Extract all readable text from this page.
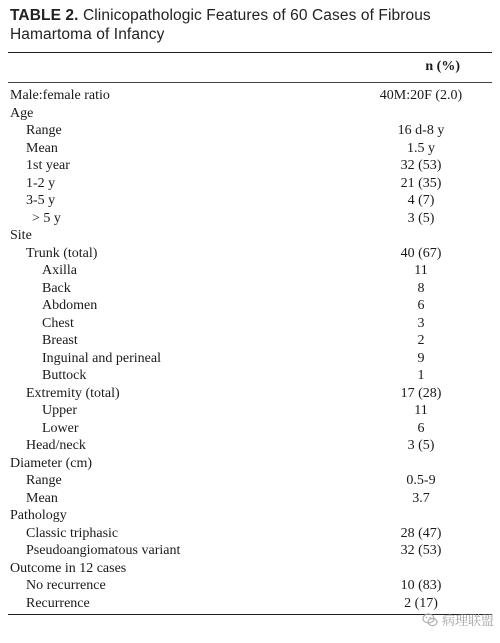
TABLE 2. Clinicopathologic Features of 60 Cases of Fibrous Hamartoma of Infancy
n (%)
Male:female ratio	40M:20F (2.0)
Age
Range	16 d-8 y
Mean	1.5 y
1st year	32 (53)
1-2 y	21 (35)
3-5 y	4 (7)
> 5 y	3 (5)
Site
Trunk (total)	40 (67)
Axilla	11
Back	8
Abdomen	6
Chest	3
Breast	2
Inguinal and perineal	9
Buttock	1
Extremity (total)	17 (28)
Upper	11
Lower	6
Head/neck	3 (5)
Diameter (cm)
Range	0.5-9
Mean	3.7
Pathology
Classic triphasic	28 (47)
Pseudoangiomatous variant	32 (53)
Outcome in 12 cases
No recurrence	10 (83)
Recurrence	2 (17)
病理联盟
